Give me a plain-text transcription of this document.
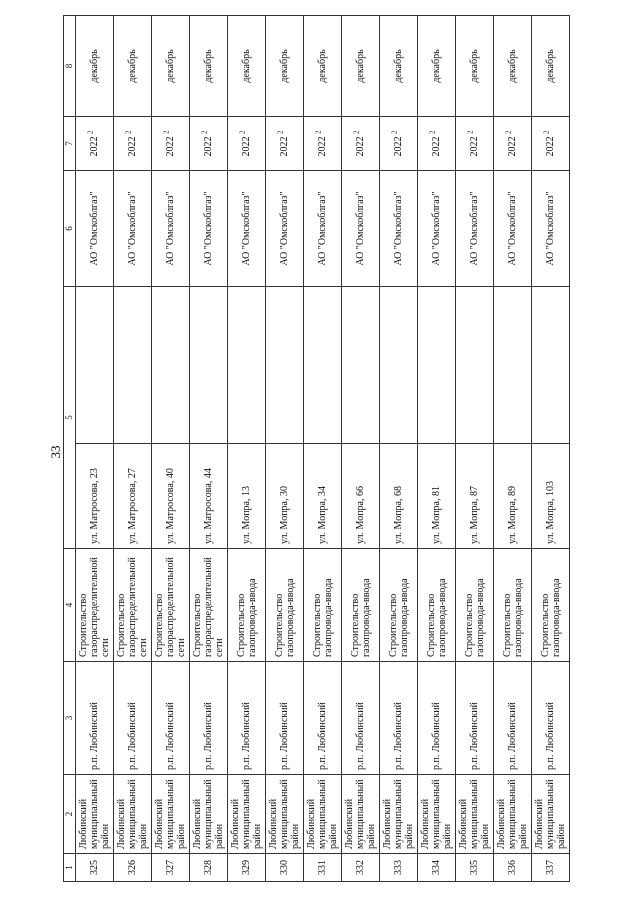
33
1	2	3	4	5		6	7	8
325	Любинский муниципальный район	р.п. Любинский	Строительство газораспределительной сети	ул. Матросова, 23		АО "Омскоблгаз"	2022 $^2$	декабрь
326	Любинский муниципальный район	р.п. Любинский	Строительство газораспределительной сети	ул. Матросова, 27		АО "Омскоблгаз"	2022 $^2$	декабрь
327	Любинский муниципальный район	р.п. Любинский	Строительство газораспределительной сети	ул. Матросова, 40		АО "Омскоблгаз"	2022 $^2$	декабрь
328	Любинский муниципальный район	р.п. Любинский	Строительство газораспределительной сети	ул. Матросова, 44		АО "Омскоблгаз"	2022 $^2$	декабрь
329	Любинский муниципальный район	р.п. Любинский	Строительство газопровода-ввода	ул. Мопра, 13		АО "Омскоблгаз"	2022 $^2$	декабрь
330	Любинский муниципальный район	р.п. Любинский	Строительство газопровода-ввода	ул. Мопра, 30		АО "Омскоблгаз"	2022 $^2$	декабрь
331	Любинский муниципальный район	р.п. Любинский	Строительство газопровода-ввода	ул. Мопра, 34		АО "Омскоблгаз"	2022 $^2$	декабрь
332	Любинский муниципальный район	р.п. Любинский	Строительство газопровода-ввода	ул. Мопра, 66		АО "Омскоблгаз"	2022 $^2$	декабрь
333	Любинский муниципальный район	р.п. Любинский	Строительство газопровода-ввода	ул. Мопра, 68		АО "Омскоблгаз"	2022 $^2$	декабрь
334	Любинский муниципальный район	р.п. Любинский	Строительство газопровода-ввода	ул. Мопра, 81		АО "Омскоблгаз"	2022 $^2$	декабрь
335	Любинский муниципальный район	р.п. Любинский	Строительство газопровода-ввода	ул. Мопра, 87		АО "Омскоблгаз"	2022 $^2$	декабрь
336	Любинский муниципальный район	р.п. Любинский	Строительство газопровода-ввода	ул. Мопра, 89		АО "Омскоблгаз"	2022 $^2$	декабрь
337	Любинский муниципальный район	р.п. Любинский	Строительство газопровода-ввода	ул. Мопра, 103		АО "Омскоблгаз"	2022 $^2$	декабрь
